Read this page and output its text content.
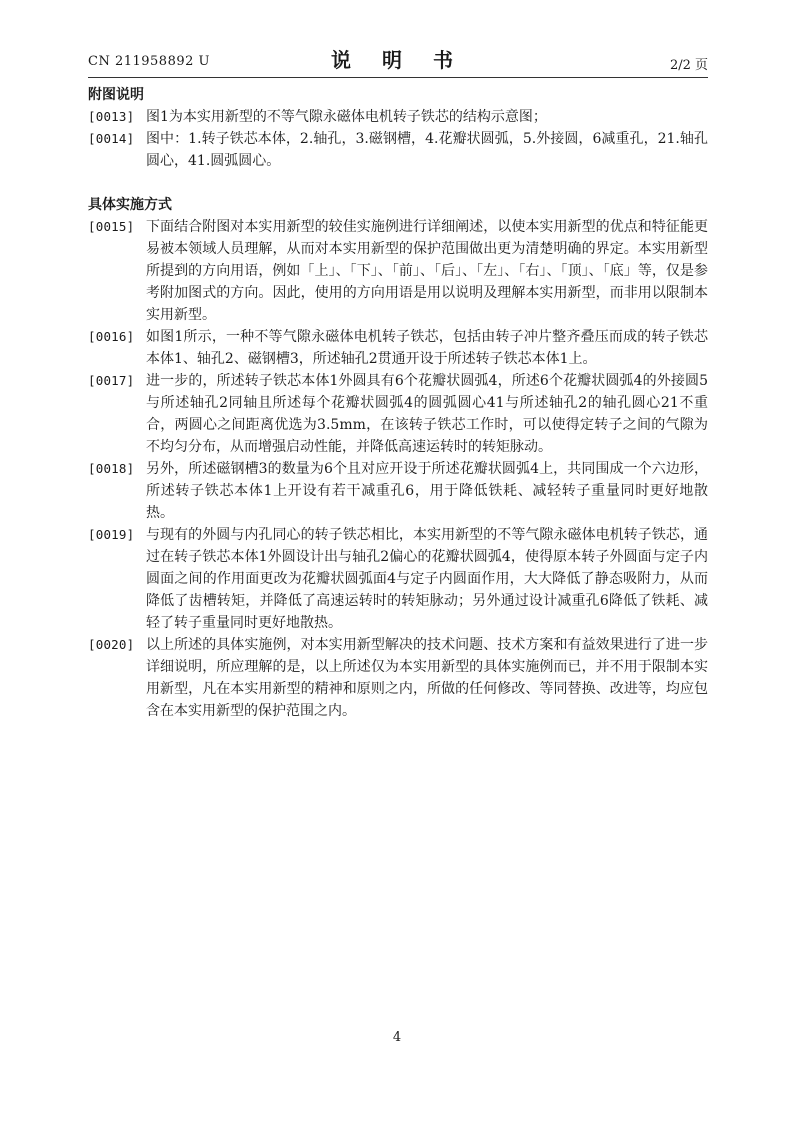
CN 211958892 U	说 明 书	2/2 页
附图说明
[0013] 图1为本实用新型的不等气隙永磁体电机转子铁芯的结构示意图；
[0014] 图中：1.转子铁芯本体，2.轴孔，3.磁钢槽，4.花瓣状圆弧，5.外接圆，6减重孔，21.轴孔圆心，41.圆弧圆心。
具体实施方式
[0015] 下面结合附图对本实用新型的较佳实施例进行详细阐述，以使本实用新型的优点和特征能更易被本领域人员理解，从而对本实用新型的保护范围做出更为清楚明确的界定。本实用新型所提到的方向用语，例如「上」、「下」、「前」、「后」、「左」、「右」、「顶」、「底」等，仅是参考附加图式的方向。因此，使用的方向用语是用以说明及理解本实用新型，而非用以限制本实用新型。
[0016] 如图1所示，一种不等气隙永磁体电机转子铁芯，包括由转子冲片整齐叠压而成的转子铁芯本体1、轴孔2、磁钢槽3，所述轴孔2贯通开设于所述转子铁芯本体1上。
[0017] 进一步的，所述转子铁芯本体1外圆具有6个花瓣状圆弧4，所述6个花瓣状圆弧4的外接圆5与所述轴孔2同轴且所述每个花瓣状圆弧4的圆弧圆心41与所述轴孔2的轴孔圆心21不重合，两圆心之间距离优选为3.5mm，在该转子铁芯工作时，可以使得定转子之间的气隙为不均匀分布，从而增强启动性能，并降低高速运转时的转矩脉动。
[0018] 另外，所述磁钢槽3的数量为6个且对应开设于所述花瓣状圆弧4上，共同围成一个六边形，所述转子铁芯本体1上开设有若干减重孔6，用于降低铁耗、减轻转子重量同时更好地散热。
[0019] 与现有的外圆与内孔同心的转子铁芯相比，本实用新型的不等气隙永磁体电机转子铁芯，通过在转子铁芯本体1外圆设计出与轴孔2偏心的花瓣状圆弧4，使得原本转子外圆面与定子内圆面之间的作用面更改为花瓣状圆弧面4与定子内圆面作用，大大降低了静态吸附力，从而降低了齿槽转矩，并降低了高速运转时的转矩脉动；另外通过设计减重孔6降低了铁耗、减轻了转子重量同时更好地散热。
[0020] 以上所述的具体实施例，对本实用新型解决的技术问题、技术方案和有益效果进行了进一步详细说明，所应理解的是，以上所述仅为本实用新型的具体实施例而已，并不用于限制本实用新型，凡在本实用新型的精神和原则之内，所做的任何修改、等同替换、改进等，均应包含在本实用新型的保护范围之内。
4
